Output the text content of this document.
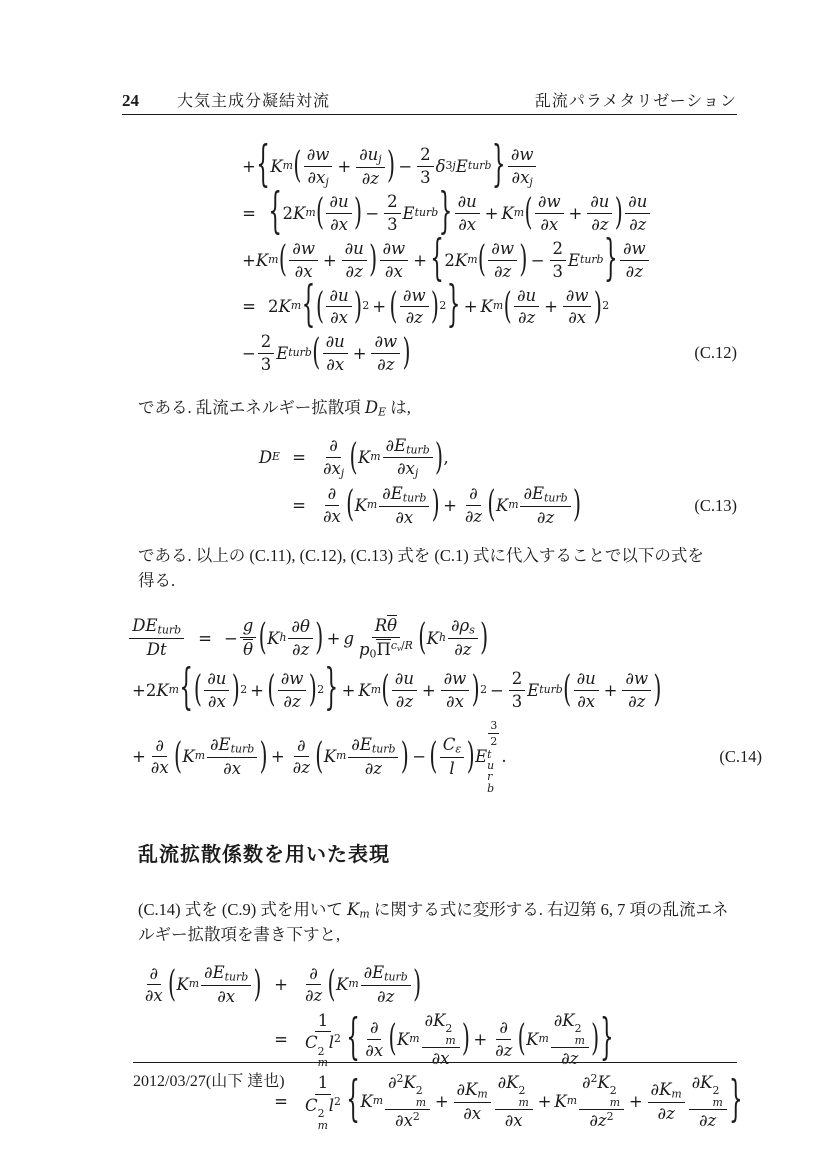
24 大気主成分凝結対流	乱流パラメタリゼーション
+ { K m ( ∂w
∂xj
+
∂uj
∂z ) −
2
3
δ 3j E turb } ∂w
∂xj
= { 2 K m ( ∂u
∂x ) −
2
3
E turb } ∂u
∂x
+ K m ( ∂w
∂x
+
∂u
∂z ) ∂u
∂z
+ K m ( ∂w
∂x
+
∂u
∂z ) ∂w
∂x
+ { 2 K m ( ∂w
∂z ) −
2
3
E turb } ∂w
∂z
= 2 K m { ( ∂u
∂x ) 2 + ( ∂w
∂z ) 2 } + K m ( ∂u
∂z
+
∂w
∂x ) 2
− $\frac{2}{3}$ E turb ( ∂u
∂x
+
∂w
∂z )	(C.12)
である. 乱流エネルギー拡散項 DE は,
D E =
∂
∂xj ( K m
∂Eturb
∂xj ) ,
=
∂
∂x ( K m
∂Eturb
∂x ) +
∂
∂z ( K m
∂Eturb
∂z )	(C.13)
である. 以上の (C.11), (C.12), (C.13) 式を (C.1) 式に代入することで以下の式を
得る.
DEturb
Dt
= − $\frac{g}{\theta}$ ( K h
∂θ
∂z ) + g
Rθ
$p0\Pi^{cv/R}$ ( K h
∂ρs
∂z )
+ 2 K m { ( ∂u
∂x ) 2 + ( ∂w
∂z ) 2 } + K m ( ∂u
∂z
+
∂w
∂x ) 2 −
2
3
E turb ( ∂u
∂x
+
∂w
∂z )
+
∂
∂x ( K m
∂Eturb
∂x ) +
∂
∂z ( K m
∂Eturb
∂z ) − ( Cε
l ) E
3
2
t
u
r
b
.	(C.14)
乱流拡散係数を用いた表現
(C.14) 式を (C.9) 式を用いて Km に関する式に変形する. 右辺第 6, 7 項の乱流エネ
ルギー拡散項を書き下すと,
∂
∂x ( K m
∂Eturb
∂x ) +
∂
∂z ( K m
∂Eturb
∂z )
=
1
C 2
m
$l^2$ { ∂
∂x ( K m
∂K 2
m
∂x ) +
∂
∂z ( K m
∂K 2
m
∂z ) }
=
1
C 2
m
$l^2$ { K m
∂$^2$K 2
m
$\partial x^2$
+
∂Km
∂x
∂K 2
m
∂x
+ K m
∂$^2$K 2
m
$\partial z^2$
+
∂Km
∂z
∂K 2
m
∂z }
2012/03/27(山下 達也)
